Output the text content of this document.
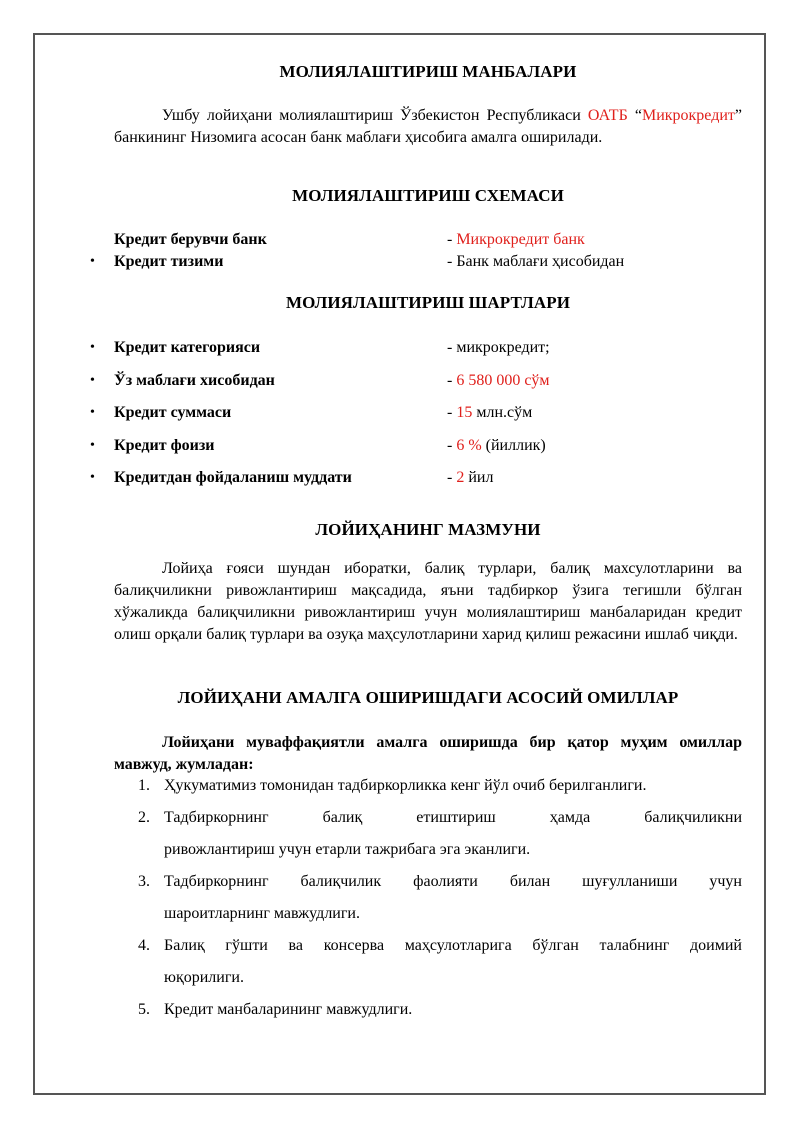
МОЛИЯЛАШТИРИШ МАНБАЛАРИ

Ушбу лойиҳани молиялаштириш Ўзбекистон Республикаси ОАТБ “Микрокредит” банкининг Низомига асосан банк маблағи ҳисобига амалга оширилади.

МОЛИЯЛАШТИРИШ СХЕМАСИ
Кредит берувчи банк	- Микрокредит банк
• Кредит тизими	- Банк маблағи ҳисобидан
МОЛИЯЛАШТИРИШ ШАРТЛАРИ
• Кредит категорияси	- микрокредит;
• Ўз маблағи хисобидан	- 6 580 000 сўм
• Кредит суммаси	- 15 млн.сўм
• Кредит фоизи	- 6 % (йиллик)
• Кредитдан фойдаланиш муддати	- 2 йил
ЛОЙИҲАНИНГ МАЗМУНИ

Лойиҳа ғояси шундан иборатки, балиқ турлари, балиқ махсулотларини ва балиқчиликни ривожлантириш мақсадида, яъни тадбиркор ўзига тегишли бўлган хўжаликда балиқчиликни ривожлантириш учун молиялаштириш манбаларидан кредит олиш орқали балиқ турлари ва озуқа маҳсулотларини харид қилиш режасини ишлаб чиқди.

ЛОЙИҲАНИ АМАЛГА ОШИРИШДАГИ АСОСИЙ ОМИЛЛАР

Лойиҳани муваффақиятли амалга оширишда бир қатор муҳим омиллар мавжуд, жумладан:

1. Ҳукуматимиз томонидан тадбиркорликка кенг йўл очиб берилганлиги.
2. Тадбиркорнинг балиқ етиштириш ҳамда балиқчиликни
ривожлантириш учун етарли тажрибага эга эканлиги.
3. Тадбиркорнинг балиқчилик фаолияти билан шуғулланиши учун
шароитларнинг мавжудлиги.
4. Балиқ гўшти ва консерва маҳсулотларига бўлган талабнинг доимий
юқорилиги.
5. Кредит манбаларининг мавжудлиги.
